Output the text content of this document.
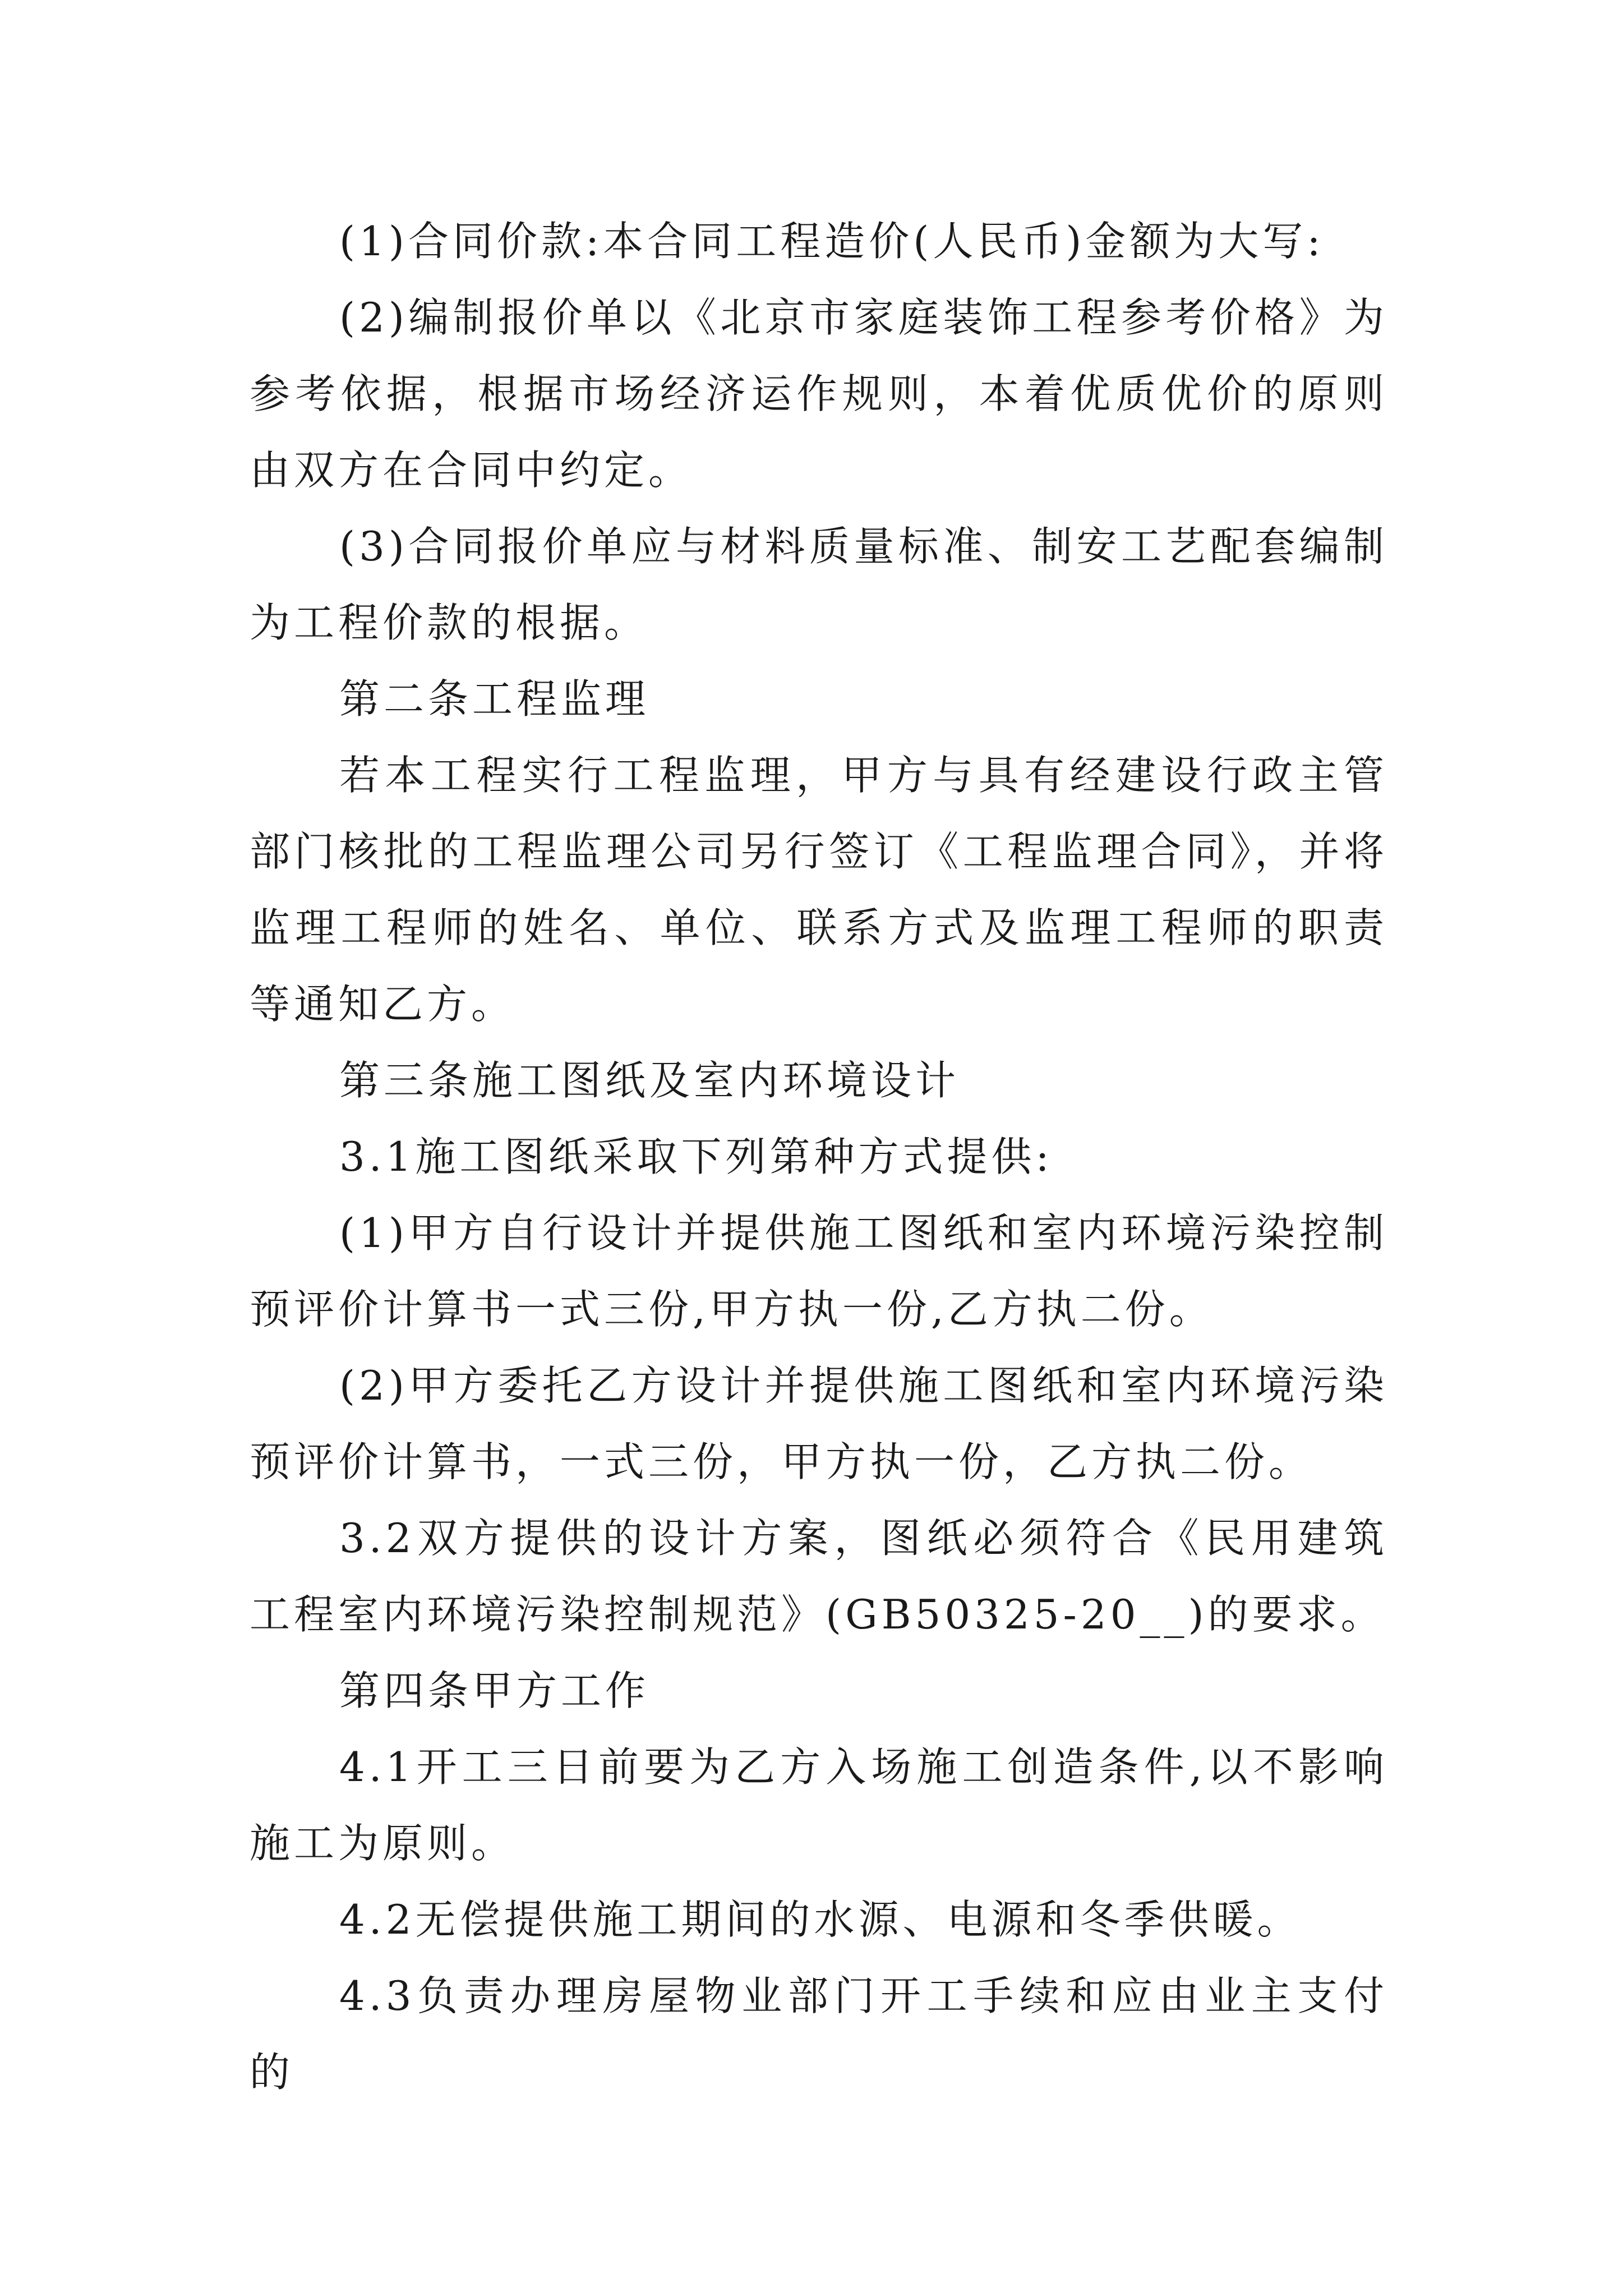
(1)合同价款:本合同工程造价(人民币)金额为大写:

(2)编制报价单以《北京市家庭装饰工程参考价格》为参考依据，根据市场经济运作规则，本着优质优价的原则由双方在合同中约定。

(3)合同报价单应与材料质量标准、制安工艺配套编制为工程价款的根据。

第二条工程监理

若本工程实行工程监理，甲方与具有经建设行政主管部门核批的工程监理公司另行签订《工程监理合同》，并将监理工程师的姓名、单位、联系方式及监理工程师的职责等通知乙方。

第三条施工图纸及室内环境设计

3.1施工图纸采取下列第种方式提供:

(1)甲方自行设计并提供施工图纸和室内环境污染控制预评价计算书一式三份,甲方执一份,乙方执二份。

(2)甲方委托乙方设计并提供施工图纸和室内环境污染预评价计算书，一式三份，甲方执一份，乙方执二份。

3.2双方提供的设计方案，图纸必须符合《民用建筑工程室内环境污染控制规范》(GB50325-20__)的要求。

第四条甲方工作

4.1开工三日前要为乙方入场施工创造条件,以不影响施工为原则。

4.2无偿提供施工期间的水源、电源和冬季供暖。

4.3负责办理房屋物业部门开工手续和应由业主支付的
